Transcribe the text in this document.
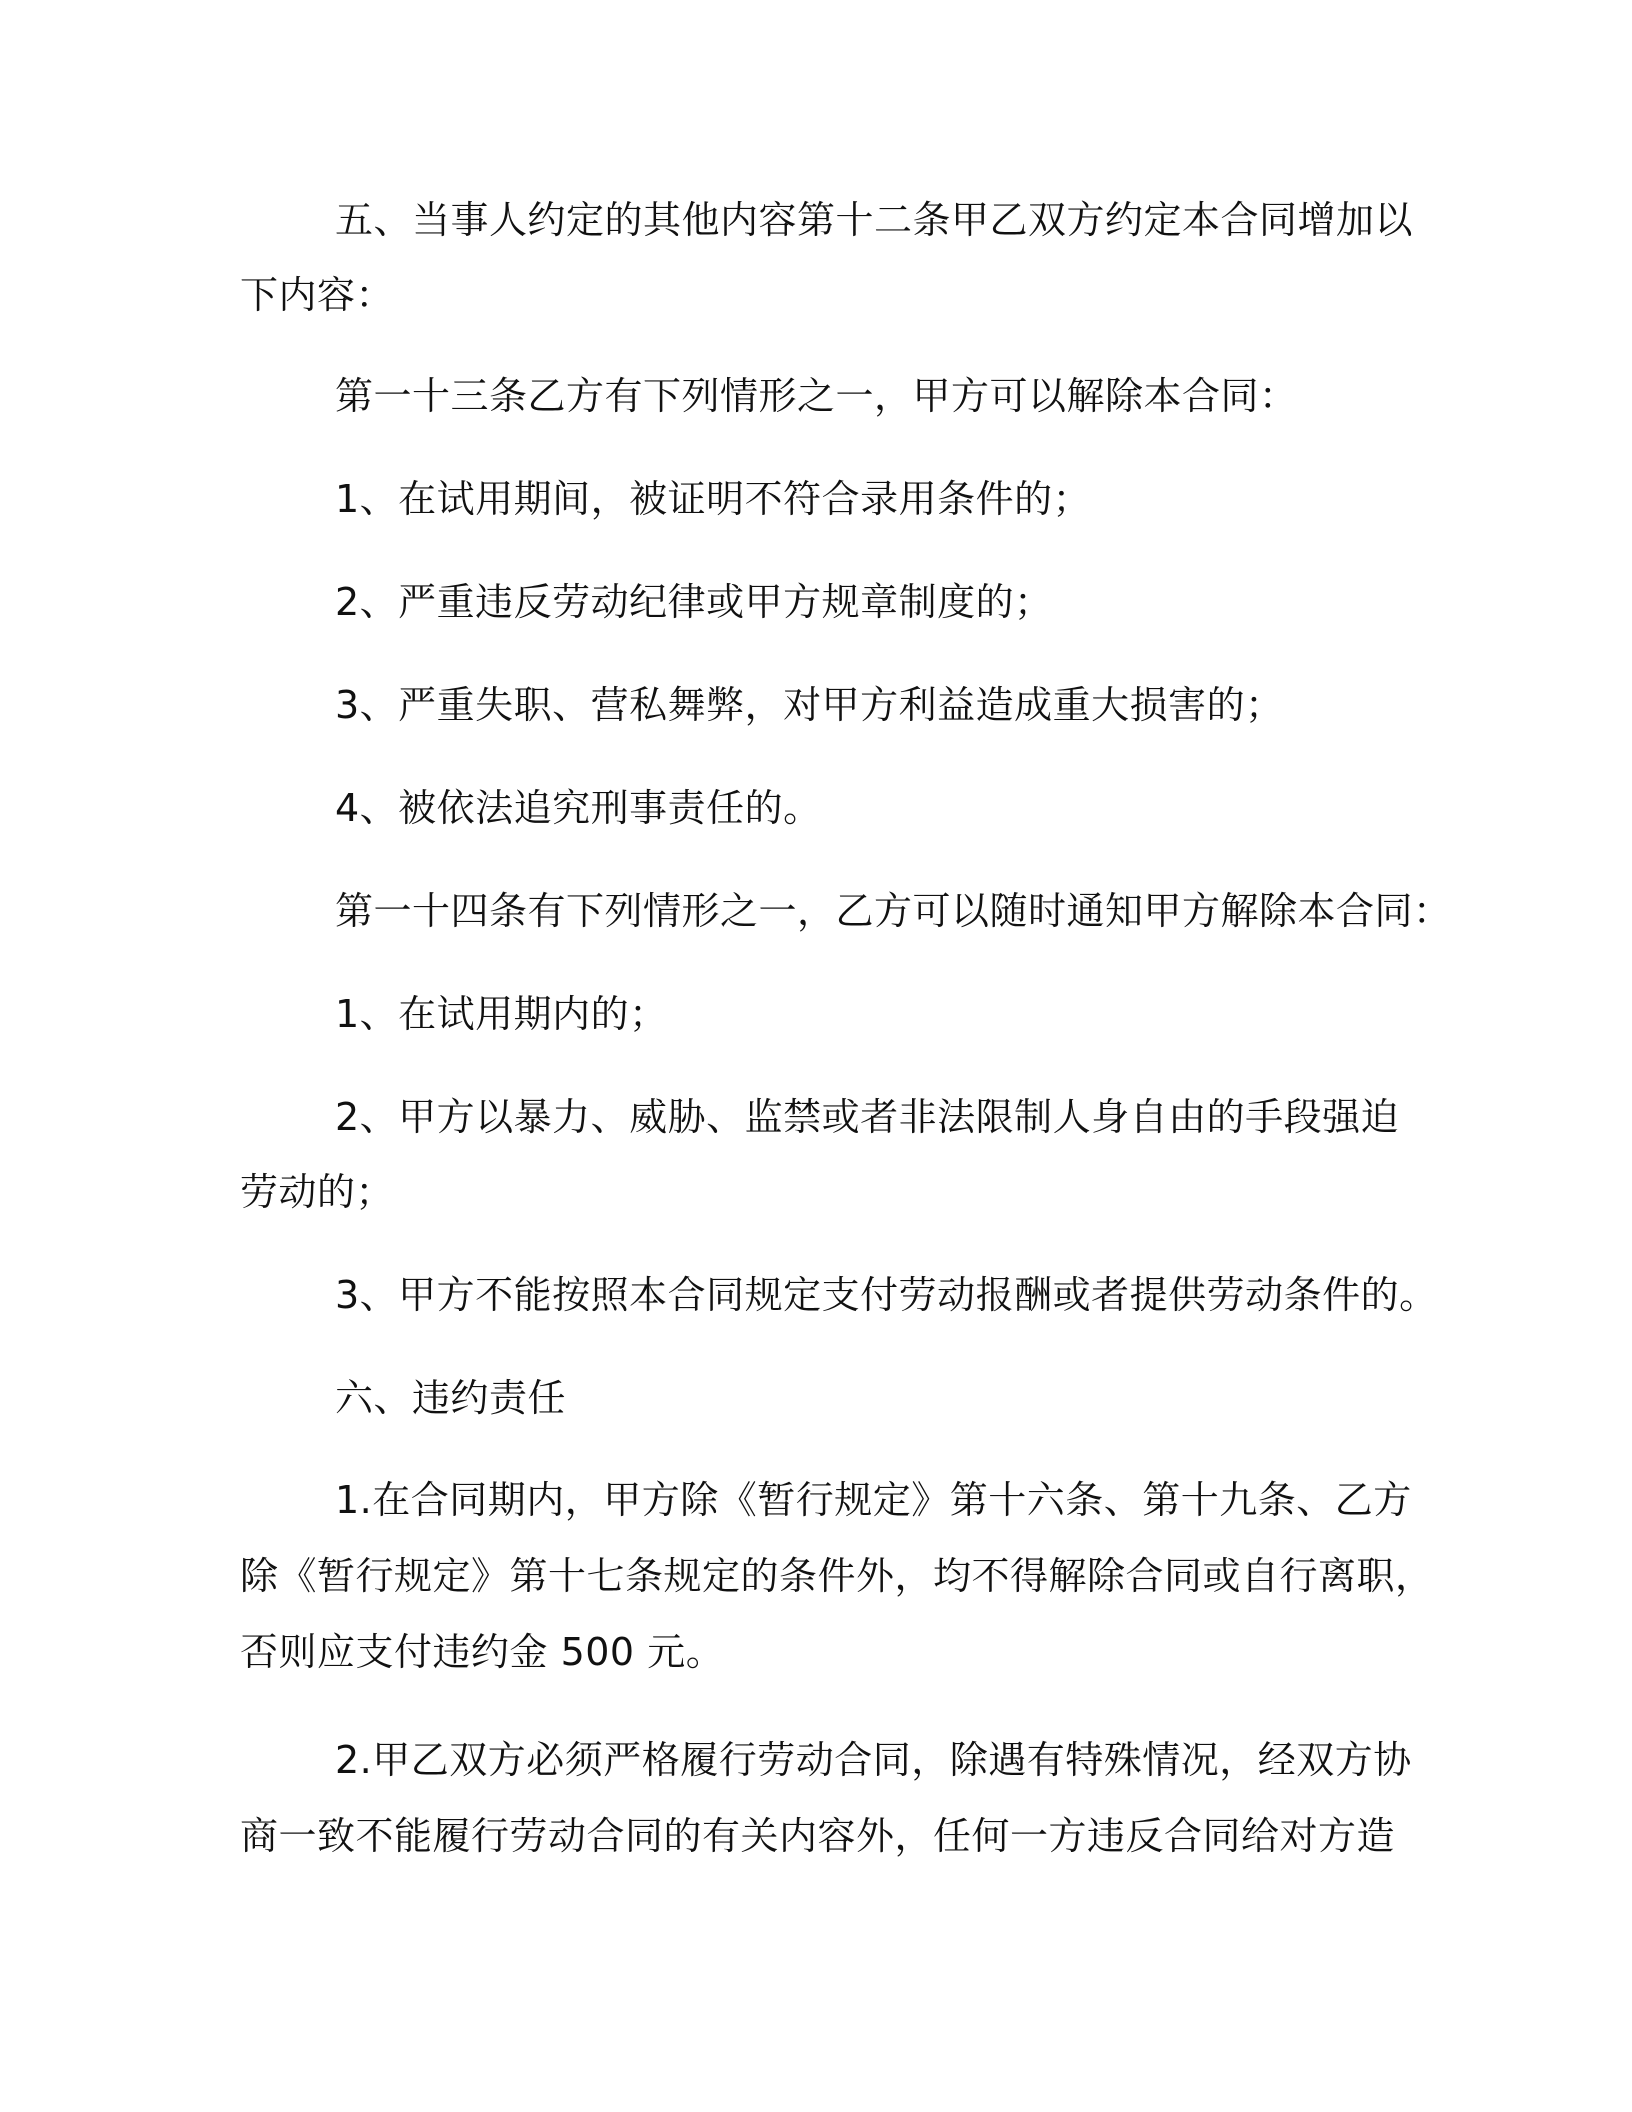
五、当事人约定的其他内容第十二条甲乙双方约定本合同增加以
下内容：
第一十三条乙方有下列情形之一，甲方可以解除本合同：
1、在试用期间，被证明不符合录用条件的；
2、严重违反劳动纪律或甲方规章制度的；
3、严重失职、营私舞弊，对甲方利益造成重大损害的；
4、被依法追究刑事责任的。
第一十四条有下列情形之一，乙方可以随时通知甲方解除本合同：
1、在试用期内的；
2、甲方以暴力、威胁、监禁或者非法限制人身自由的手段强迫
劳动的；
3、甲方不能按照本合同规定支付劳动报酬或者提供劳动条件的。
六、违约责任
1.在合同期内，甲方除《暂行规定》第十六条、第十九条、乙方
除《暂行规定》第十七条规定的条件外，均不得解除合同或自行离职，
否则应支付违约金 500 元。
2.甲乙双方必须严格履行劳动合同，除遇有特殊情况，经双方协
商一致不能履行劳动合同的有关内容外，任何一方违反合同给对方造
